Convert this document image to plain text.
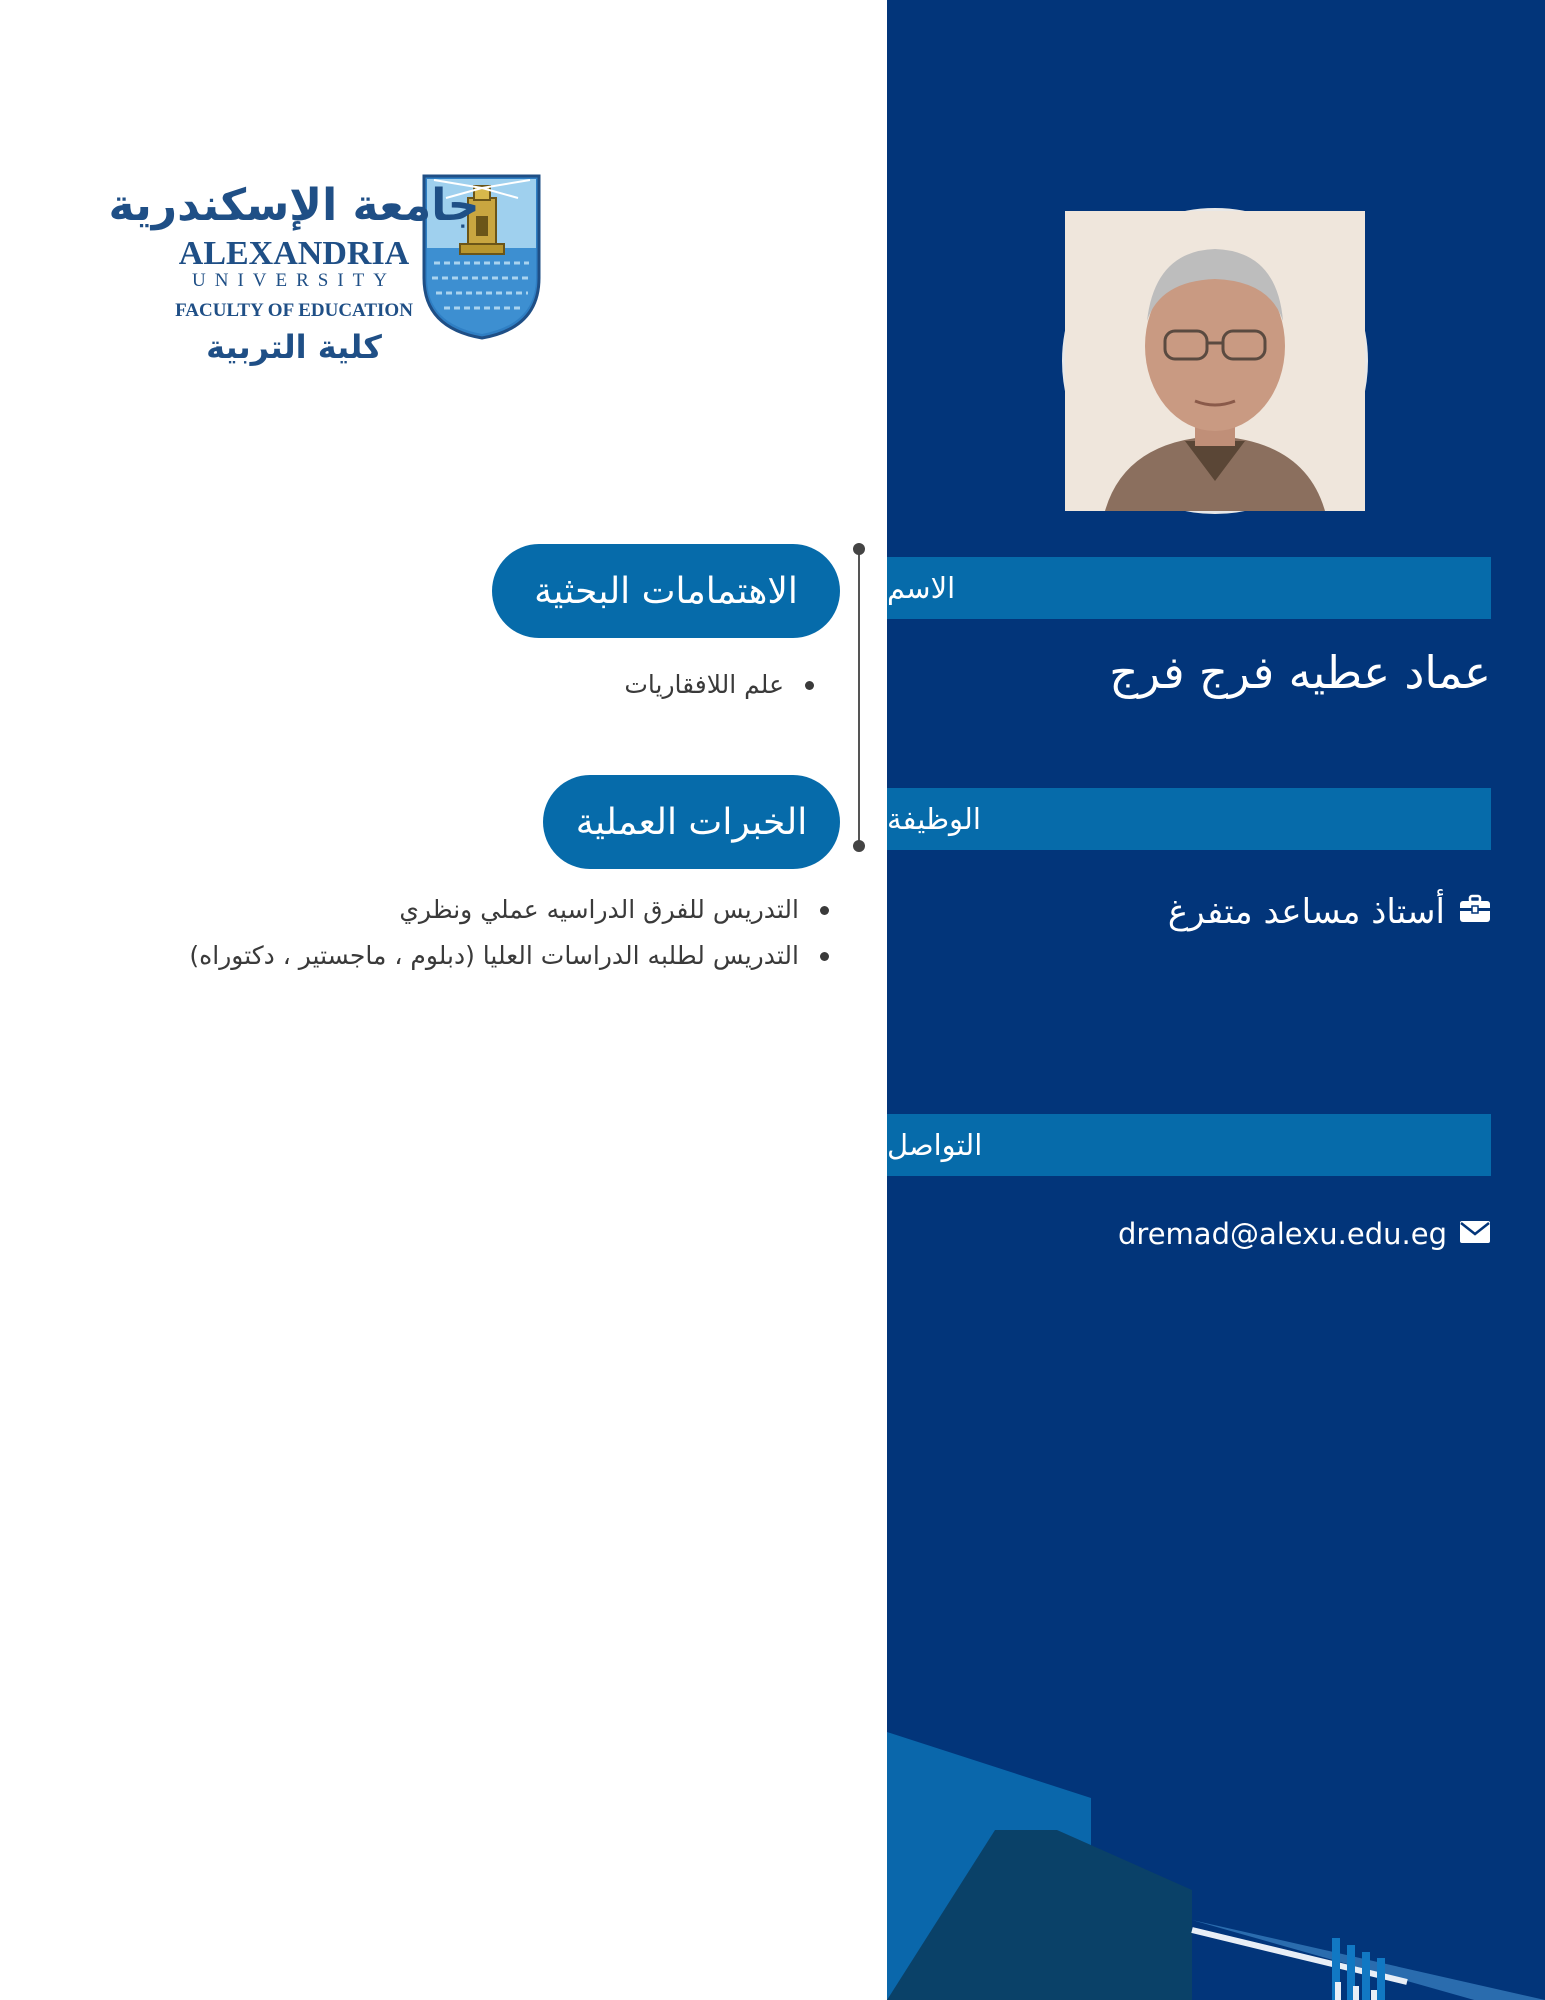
جامعة الإسكندرية
ALEXANDRIA
UNIVERSITY
FACULTY OF EDUCATION
كلية التربية
الاهتمامات البحثية
علم اللافقاريات
الخبرات العملية
التدريس للفرق الدراسيه عملي ونظري
التدريس لطلبه الدراسات العليا (دبلوم ، ماجستير ، دكتوراه)
الاسم
عماد عطيه فرج فرج
الوظيفة
أستاذ مساعد متفرغ
التواصل
dremad@alexu.edu.eg
